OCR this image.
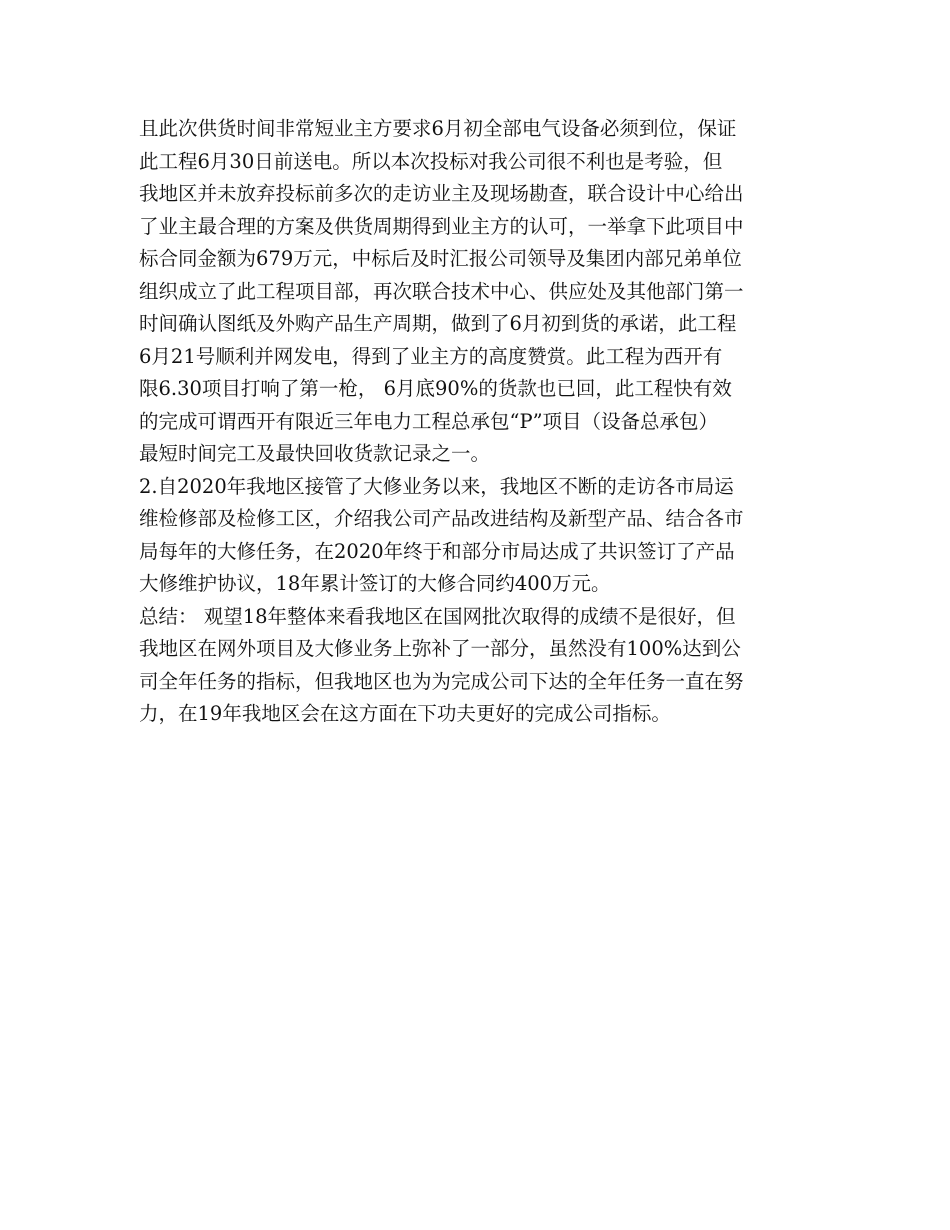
且此次供货时间非常短业主方要求6月初全部电气设备必须到位，保证
此工程6月30日前送电。所以本次投标对我公司很不利也是考验，但
我地区并未放弃投标前多次的走访业主及现场勘查，联合设计中心给出
了业主最合理的方案及供货周期得到业主方的认可，一举拿下此项目中
标合同金额为679万元，中标后及时汇报公司领导及集团内部兄弟单位
组织成立了此工程项目部，再次联合技术中心、供应处及其他部门第一
时间确认图纸及外购产品生产周期，做到了6月初到货的承诺，此工程
6月21号顺利并网发电，得到了业主方的高度赞赏。此工程为西开有
限6.30项目打响了第一枪， 6月底90%的货款也已回，此工程快有效
的完成可谓西开有限近三年电力工程总承包“P”项目（设备总承包）
最短时间完工及最快回收货款记录之一。
2.自2020年我地区接管了大修业务以来，我地区不断的走访各市局运
维检修部及检修工区，介绍我公司产品改进结构及新型产品、结合各市
局每年的大修任务，在2020年终于和部分市局达成了共识签订了产品
大修维护协议，18年累计签订的大修合同约400万元。
总结： 观望18年整体来看我地区在国网批次取得的成绩不是很好，但
我地区在网外项目及大修业务上弥补了一部分，虽然没有100%达到公
司全年任务的指标，但我地区也为为完成公司下达的全年任务一直在努
力，在19年我地区会在这方面在下功夫更好的完成公司指标。
